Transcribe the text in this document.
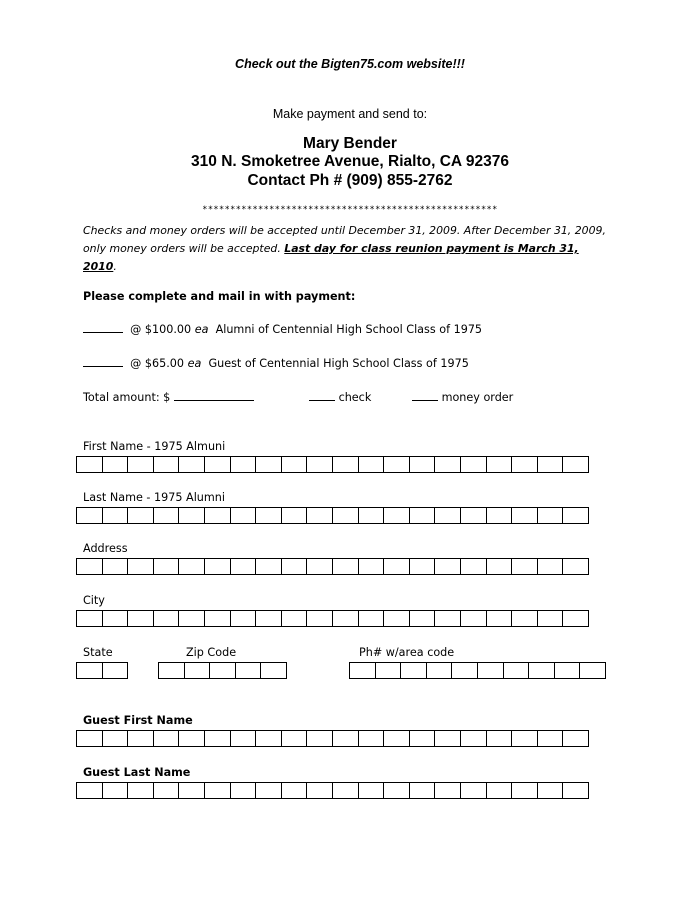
Check out the Bigten75.com website!!!
Make payment and send to:
Mary Bender
310 N. Smoketree Avenue, Rialto, CA 92376
Contact Ph # (909) 855-2762
*****************************************************
Checks and money orders will be accepted until December 31, 2009. After December 31, 2009, only money orders will be accepted. Last day for class reunion payment is March 31, 2010.
Please complete and mail in with payment:
@ $100.00 ea Alumni of Centennial High School Class of 1975
@ $65.00 ea Guest of Centennial High School Class of 1975
Total amount: $	check	money order
First Name - 1975 Almuni
Last Name - 1975 Alumni
Address
City
State	Zip Code	Ph# w/area code
Guest First Name
Guest Last Name
